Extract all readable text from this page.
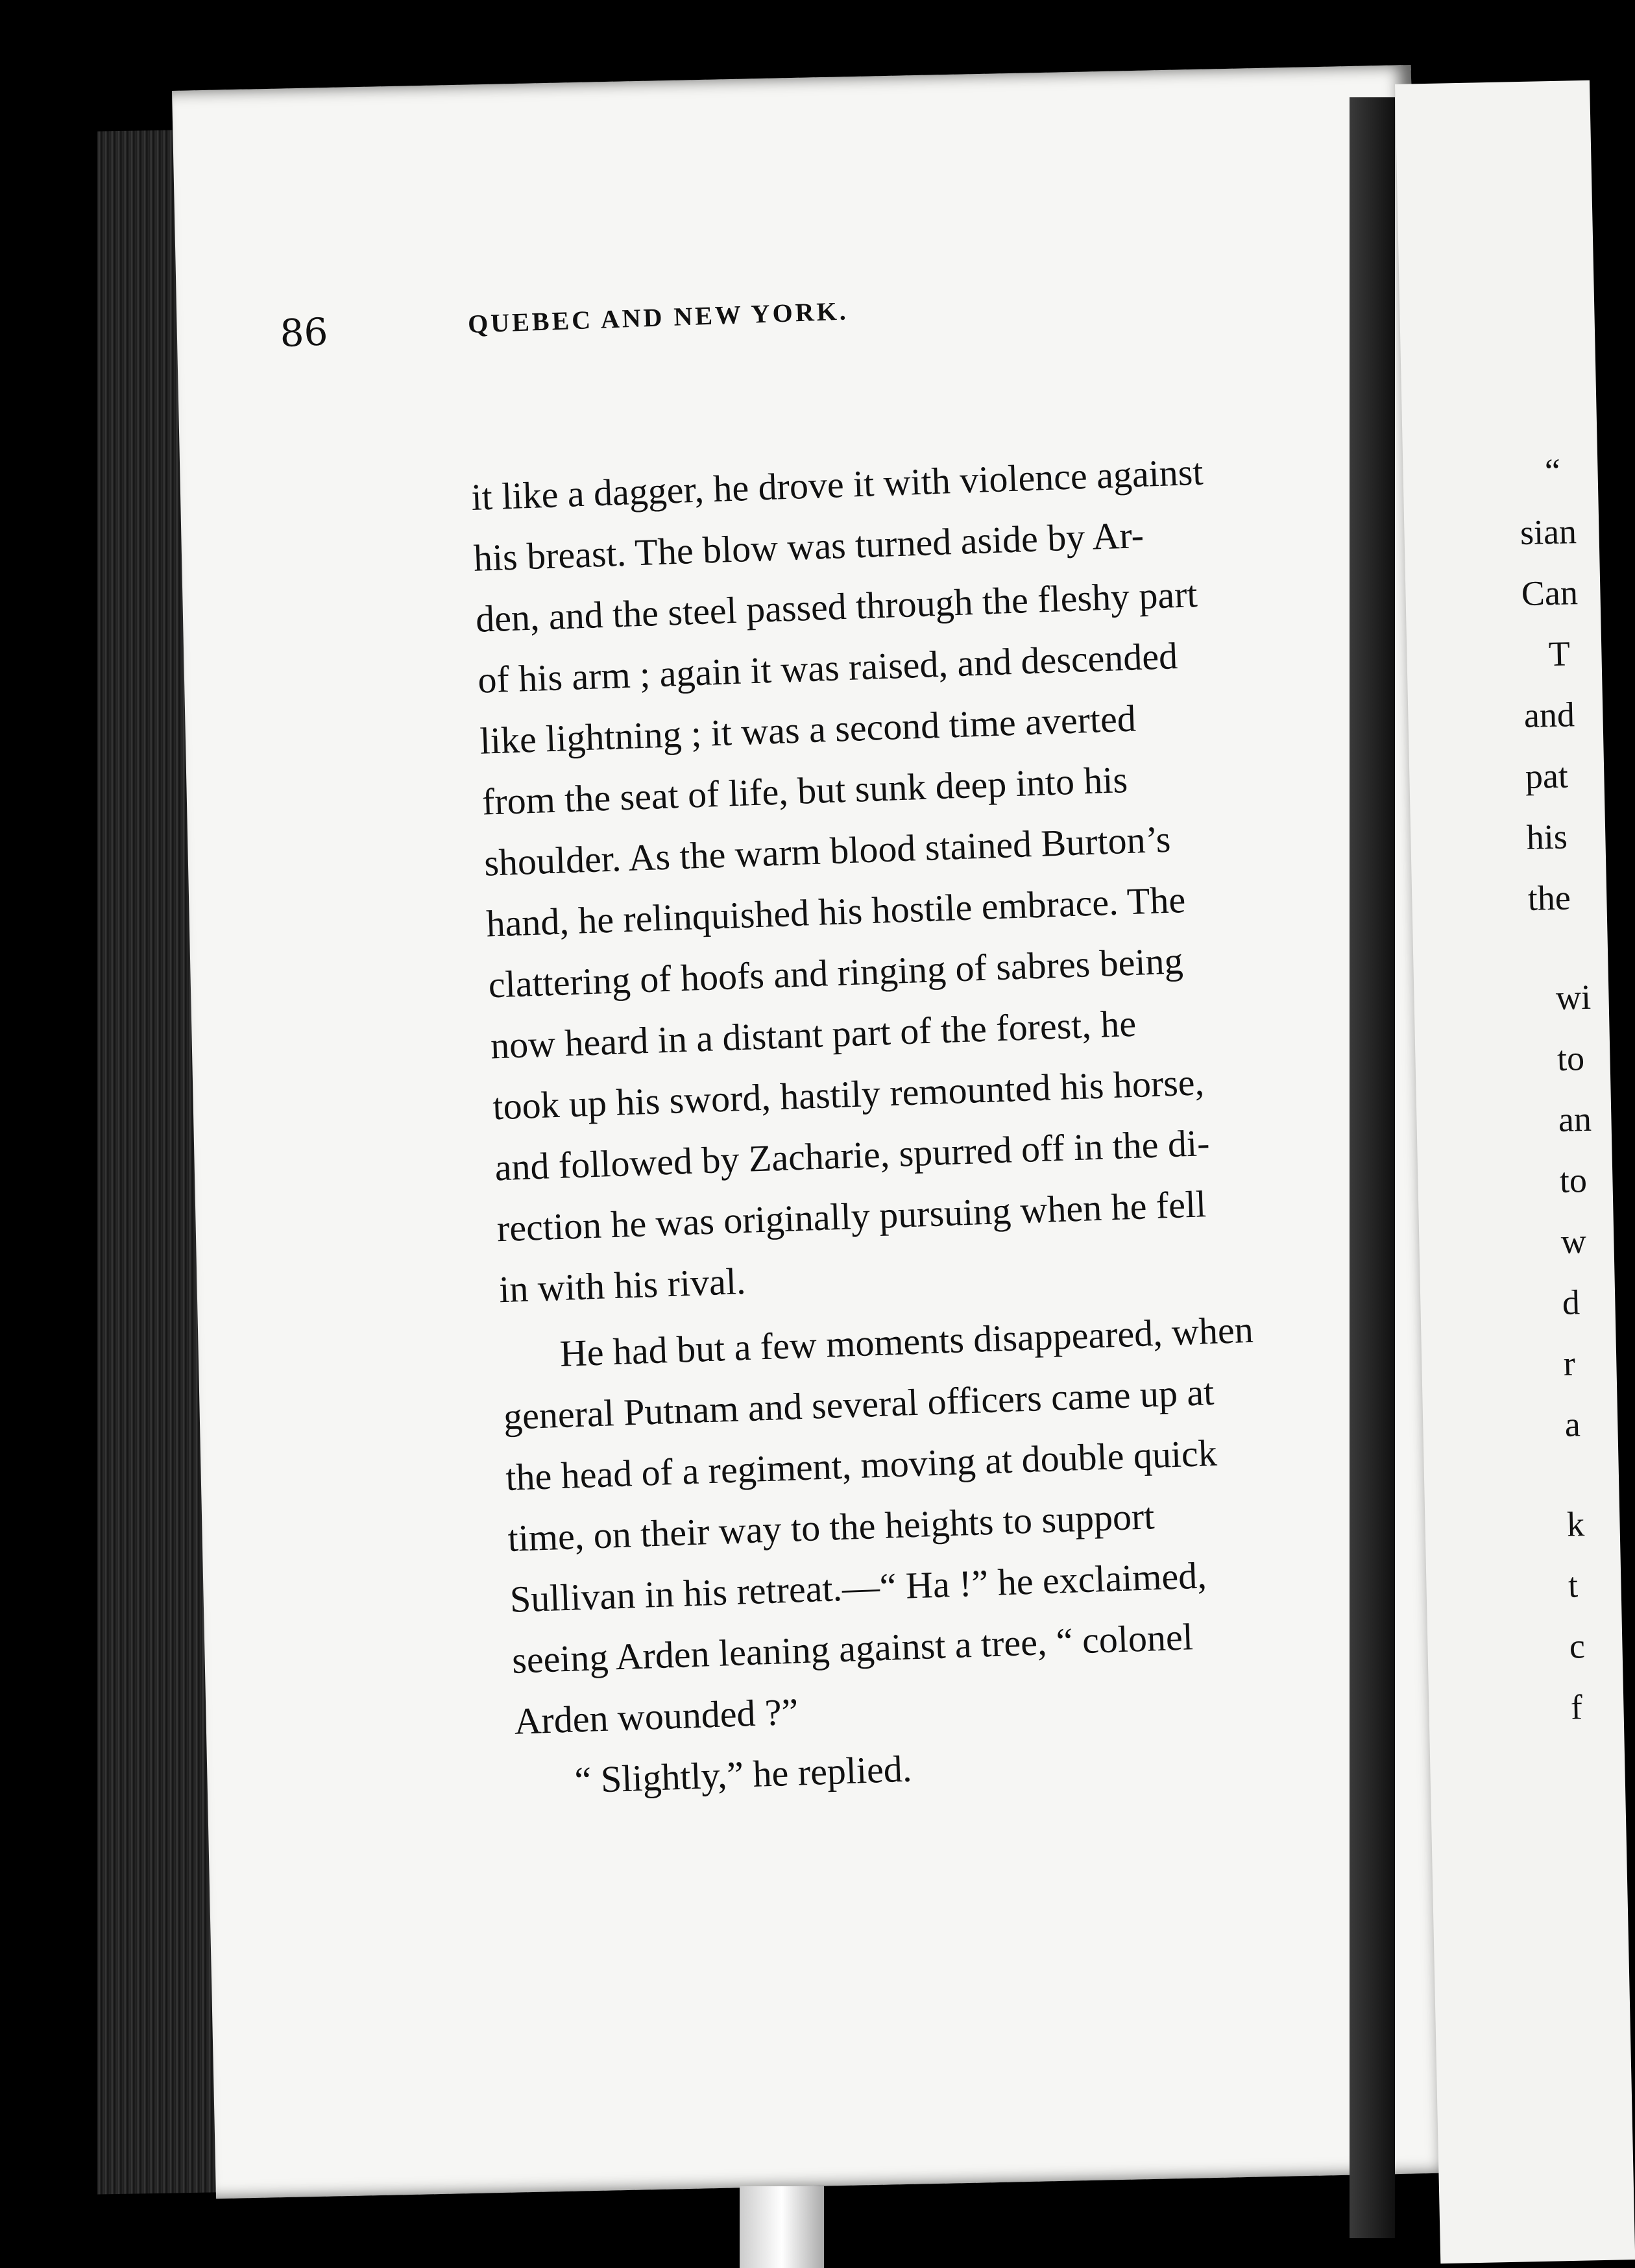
86	QUEBEC AND NEW YORK.
it like a dagger, he drove it with violence against
his breast. The blow was turned aside by Ar-
den, and the steel passed through the fleshy part
of his arm ; again it was raised, and descended
like lightning ; it was a second time averted
from the seat of life, but sunk deep into his
shoulder. As the warm blood stained Burton’s
hand, he relinquished his hostile embrace. The
clattering of hoofs and ringing of sabres being
now heard in a distant part of the forest, he
took up his sword, hastily remounted his horse,
and followed by Zacharie, spurred off in the di-
rection he was originally pursuing when he fell
in with his rival.
He had but a few moments disappeared, when
general Putnam and several officers came up at
the head of a regiment, moving at double quick
time, on their way to the heights to support
Sullivan in his retreat.—“ Ha !” he exclaimed,
seeing Arden leaning against a tree, “ colonel
Arden wounded ?”
“ Slightly,” he replied.
“
sian
Can
T
and
pat
his
the
wi
to
an
to
w
d
r
a
k
t
c
f
